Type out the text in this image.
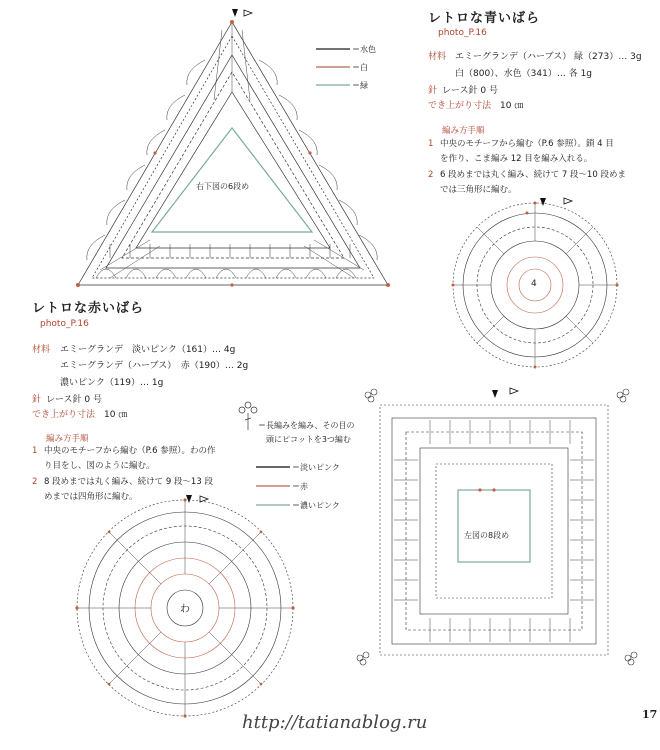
右下図の6段め
＝水色
＝白
＝緑
レトロな青いばら
photo_P.16
材料 エミーグランデ（ハーブス） 緑（273）… 3g
白（800）、水色（341）… 各 1g
針 レース針 0 号
でき上がり寸法 10 ㎝
編み方手順
1 中央のモチーフから編む（P.6 参照）。鎖 4 目
を作り、こま編み 12 目を編み入れる。
2 6 段めまでは丸く編み、続けて 7 段〜10 段めま
では三角形に編む。
4
レトロな赤いばら
photo_P.16
材料 エミーグランデ　淡いピンク（161）… 4g
エミーグランデ（ハーブス）　赤（190）… 2g
濃いピンク（119）… 1g
針 レース針 0 号
でき上がり寸法 10 ㎝
編み方手順
1 中央のモチーフから編む（P.6 参照）。わの作
り目をし、図のように編む。
2 8 段めまでは丸く編み、続けて 9 段〜13 段
めまでは四角形に編む。
＝長編みを編み、その目の
頭にピコットを3つ編む
＝淡いピンク
＝赤
＝濃いピンク
わ
左図の8段め
17
http://tatianablog.ru
